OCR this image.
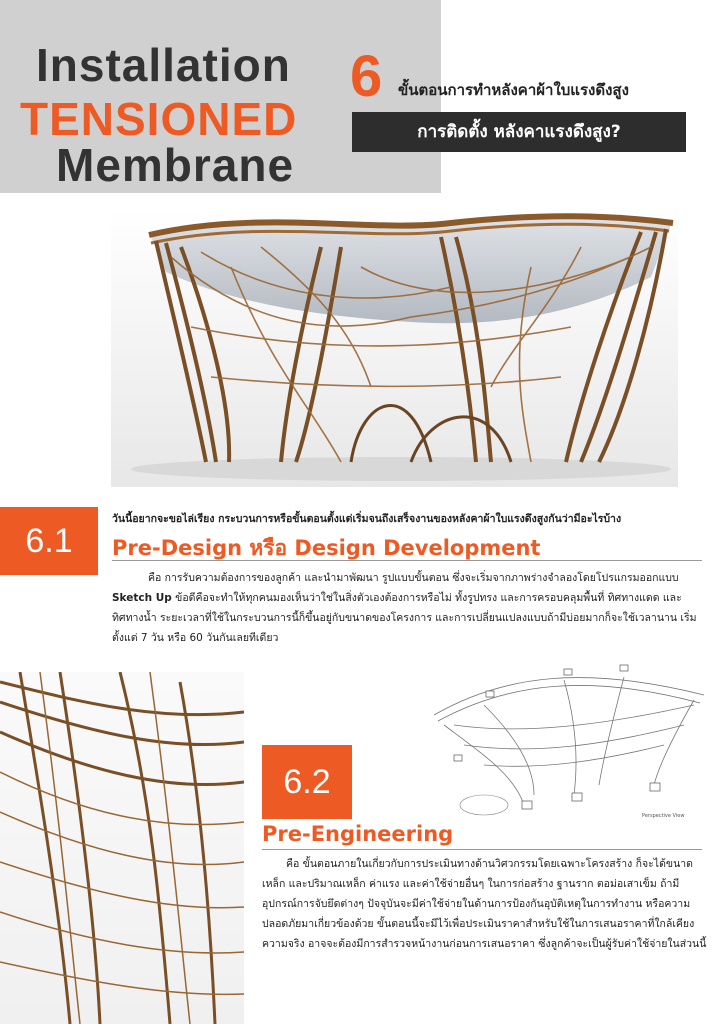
Installation
TENSIONED
Membrane
6 ขั้นตอนการทำหลังคาผ้าใบแรงดึงสูง
การติดตั้ง หลังคาแรงดึงสูง?
6.1
วันนี้อยากจะขอไล่เรียง กระบวนการหรือขั้นตอนตั้งแต่เริ่มจนถึงเสร็จงานของหลังคาผ้าใบแรงดึงสูงกันว่ามีอะไรบ้าง
Pre-Design หรือ Design Development
คือ การรับความต้องการของลูกค้า และนำมาพัฒนา รูปแบบขั้นตอน ซึ่งจะเริ่มจากภาพร่างจำลองโดยโปรแกรมออกแบบ Sketch Up ข้อดีคือจะทำให้ทุกคนมองเห็นว่าใช่ในสิ่งตัวเองต้องการหรือไม่ ทั้งรูปทรง และการครอบคลุมพื้นที่ ทิศทางแดด และทิศทางน้ำ ระยะเวลาที่ใช้ในกระบวนการนี้ก็ขึ้นอยู่กับขนาดของโครงการ และการเปลี่ยนแปลงแบบถ้ามีบ่อยมากก็จะใช้เวลานาน เริ่มตั้งแต่ 7 วัน หรือ 60 วันกันเลยทีเดียว
Perspective View
6.2
Pre-Engineering
คือ ขั้นตอนภายในเกี่ยวกับการประเมินทางด้านวิศวกรรมโดยเฉพาะโครงสร้าง ก็จะได้ขนาดเหล็ก และปริมาณเหล็ก ค่าแรง และค่าใช้จ่ายอื่นๆ ในการก่อสร้าง ฐานราก ตอม่อเสาเข็ม ถ้ามี อุปกรณ์การจับยึดต่างๆ ปัจจุบันจะมีค่าใช้จ่ายในด้านการป้องกันอุบัติเหตุในการทำงาน หรือความปลอดภัยมาเกี่ยวข้องด้วย ขั้นตอนนี้จะมีไว้เพื่อประเมินราคาสำหรับใช้ในการเสนอราคาที่ใกล้เคียงความจริง อาจจะต้องมีการสำรวจหน้างานก่อนการเสนอราคา ซึ่งลูกค้าจะเป็นผู้รับค่าใช้จ่ายในส่วนนี้
